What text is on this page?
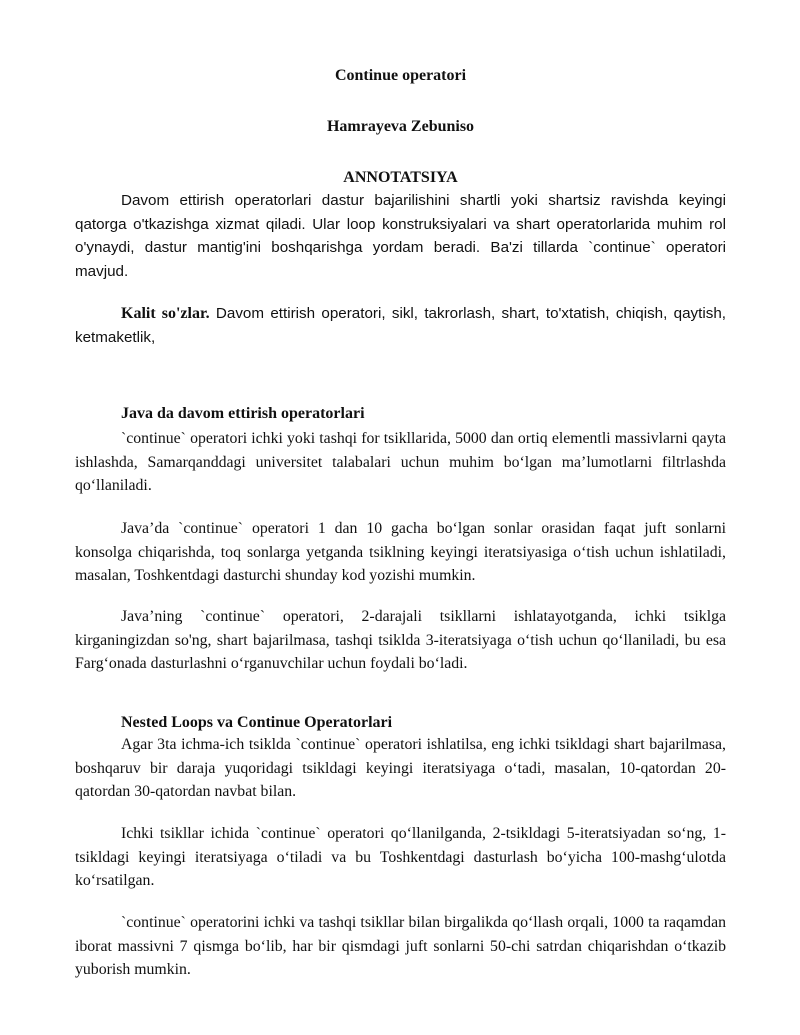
Continue operatori

Hamrayeva Zebuniso

ANNOTATSIYA

Davom ettirish operatorlari dastur bajarilishini shartli yoki shartsiz ravishda keyingi qatorga o'tkazishga xizmat qiladi. Ular loop konstruksiyalari va shart operatorlarida muhim rol o'ynaydi, dastur mantig'ini boshqarishga yordam beradi. Ba'zi tillarda `continue` operatori mavjud.

Kalit so'zlar. Davom ettirish operatori, sikl, takrorlash, shart, to'xtatish, chiqish, qaytish, ketmaketlik,

Java da davom ettirish operatorlari

`continue` operatori ichki yoki tashqi for tsikllarida, 5000 dan ortiq elementli massivlarni qayta ishlashda, Samarqanddagi universitet talabalari uchun muhim bo‘lgan ma’lumotlarni filtrlashda qo‘llaniladi.

Java’da `continue` operatori 1 dan 10 gacha bo‘lgan sonlar orasidan faqat juft sonlarni konsolga chiqarishda, toq sonlarga yetganda tsiklning keyingi iteratsiyasiga o‘tish uchun ishlatiladi, masalan, Toshkentdagi dasturchi shunday kod yozishi mumkin.

Java’ning `continue` operatori, 2-darajali tsikllarni ishlatayotganda, ichki tsiklga kirganingizdan so'ng, shart bajarilmasa, tashqi tsiklda 3-iteratsiyaga o‘tish uchun qo‘llaniladi, bu esa Farg‘onada dasturlashni o‘rganuvchilar uchun foydali bo‘ladi.

Nested Loops va Continue Operatorlari

Agar 3ta ichma-ich tsiklda `continue` operatori ishlatilsa, eng ichki tsikldagi shart bajarilmasa, boshqaruv bir daraja yuqoridagi tsikldagi keyingi iteratsiyaga o‘tadi, masalan, 10-qatordan 20-qatordan 30-qatordan navbat bilan.

Ichki tsikllar ichida `continue` operatori qo‘llanilganda, 2-tsikldagi 5-iteratsiyadan so‘ng, 1-tsikldagi keyingi iteratsiyaga o‘tiladi va bu Toshkentdagi dasturlash bo‘yicha 100-mashg‘ulotda ko‘rsatilgan.

`continue` operatorini ichki va tashqi tsikllar bilan birgalikda qo‘llash orqali, 1000 ta raqamdan iborat massivni 7 qismga bo‘lib, har bir qismdagi juft sonlarni 50-chi satrdan chiqarishdan o‘tkazib yuborish mumkin.
